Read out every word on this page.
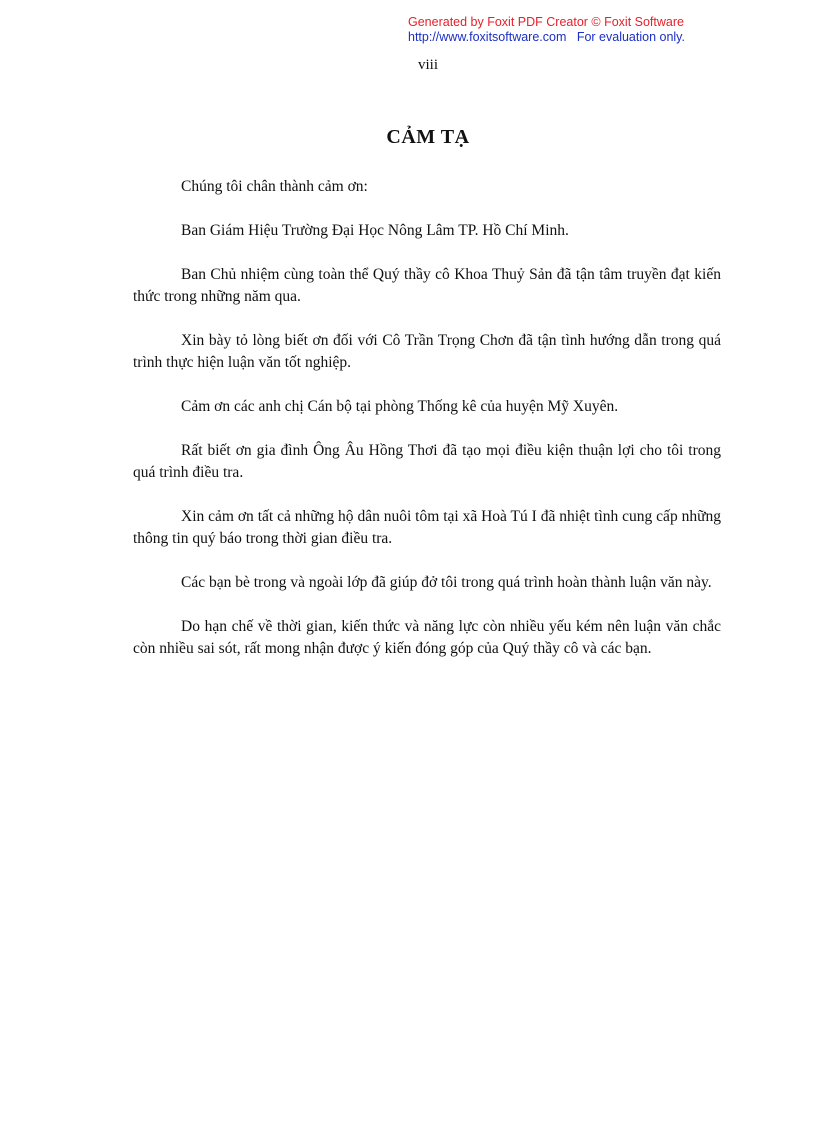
Generated by Foxit PDF Creator © Foxit Software
http://www.foxitsoftware.com For evaluation only.
viii
CẢM TẠ

Chúng tôi chân thành cảm ơn:

Ban Giám Hiệu Trường Đại Học Nông Lâm TP. Hồ Chí Minh.

Ban Chủ nhiệm cùng toàn thể Quý thầy cô Khoa Thuỷ Sản đã tận tâm truyền đạt kiến thức trong những năm qua.

Xin bày tỏ lòng biết ơn đối với Cô Trần Trọng Chơn đã tận tình hướng dẫn trong quá trình thực hiện luận văn tốt nghiệp.

Cảm ơn các anh chị Cán bộ tại phòng Thống kê của huyện Mỹ Xuyên.

Rất biết ơn gia đình Ông Âu Hồng Thơi đã tạo mọi điều kiện thuận lợi cho tôi trong quá trình điều tra.

Xin cảm ơn tất cả những hộ dân nuôi tôm tại xã Hoà Tú I đã nhiệt tình cung cấp những thông tin quý báo trong thời gian điều tra.

Các bạn bè trong và ngoài lớp đã giúp đở tôi trong quá trình hoàn thành luận văn này.

Do hạn chế về thời gian, kiến thức và năng lực còn nhiều yếu kém nên luận văn chắc còn nhiều sai sót, rất mong nhận được ý kiến đóng góp của Quý thầy cô và các bạn.
